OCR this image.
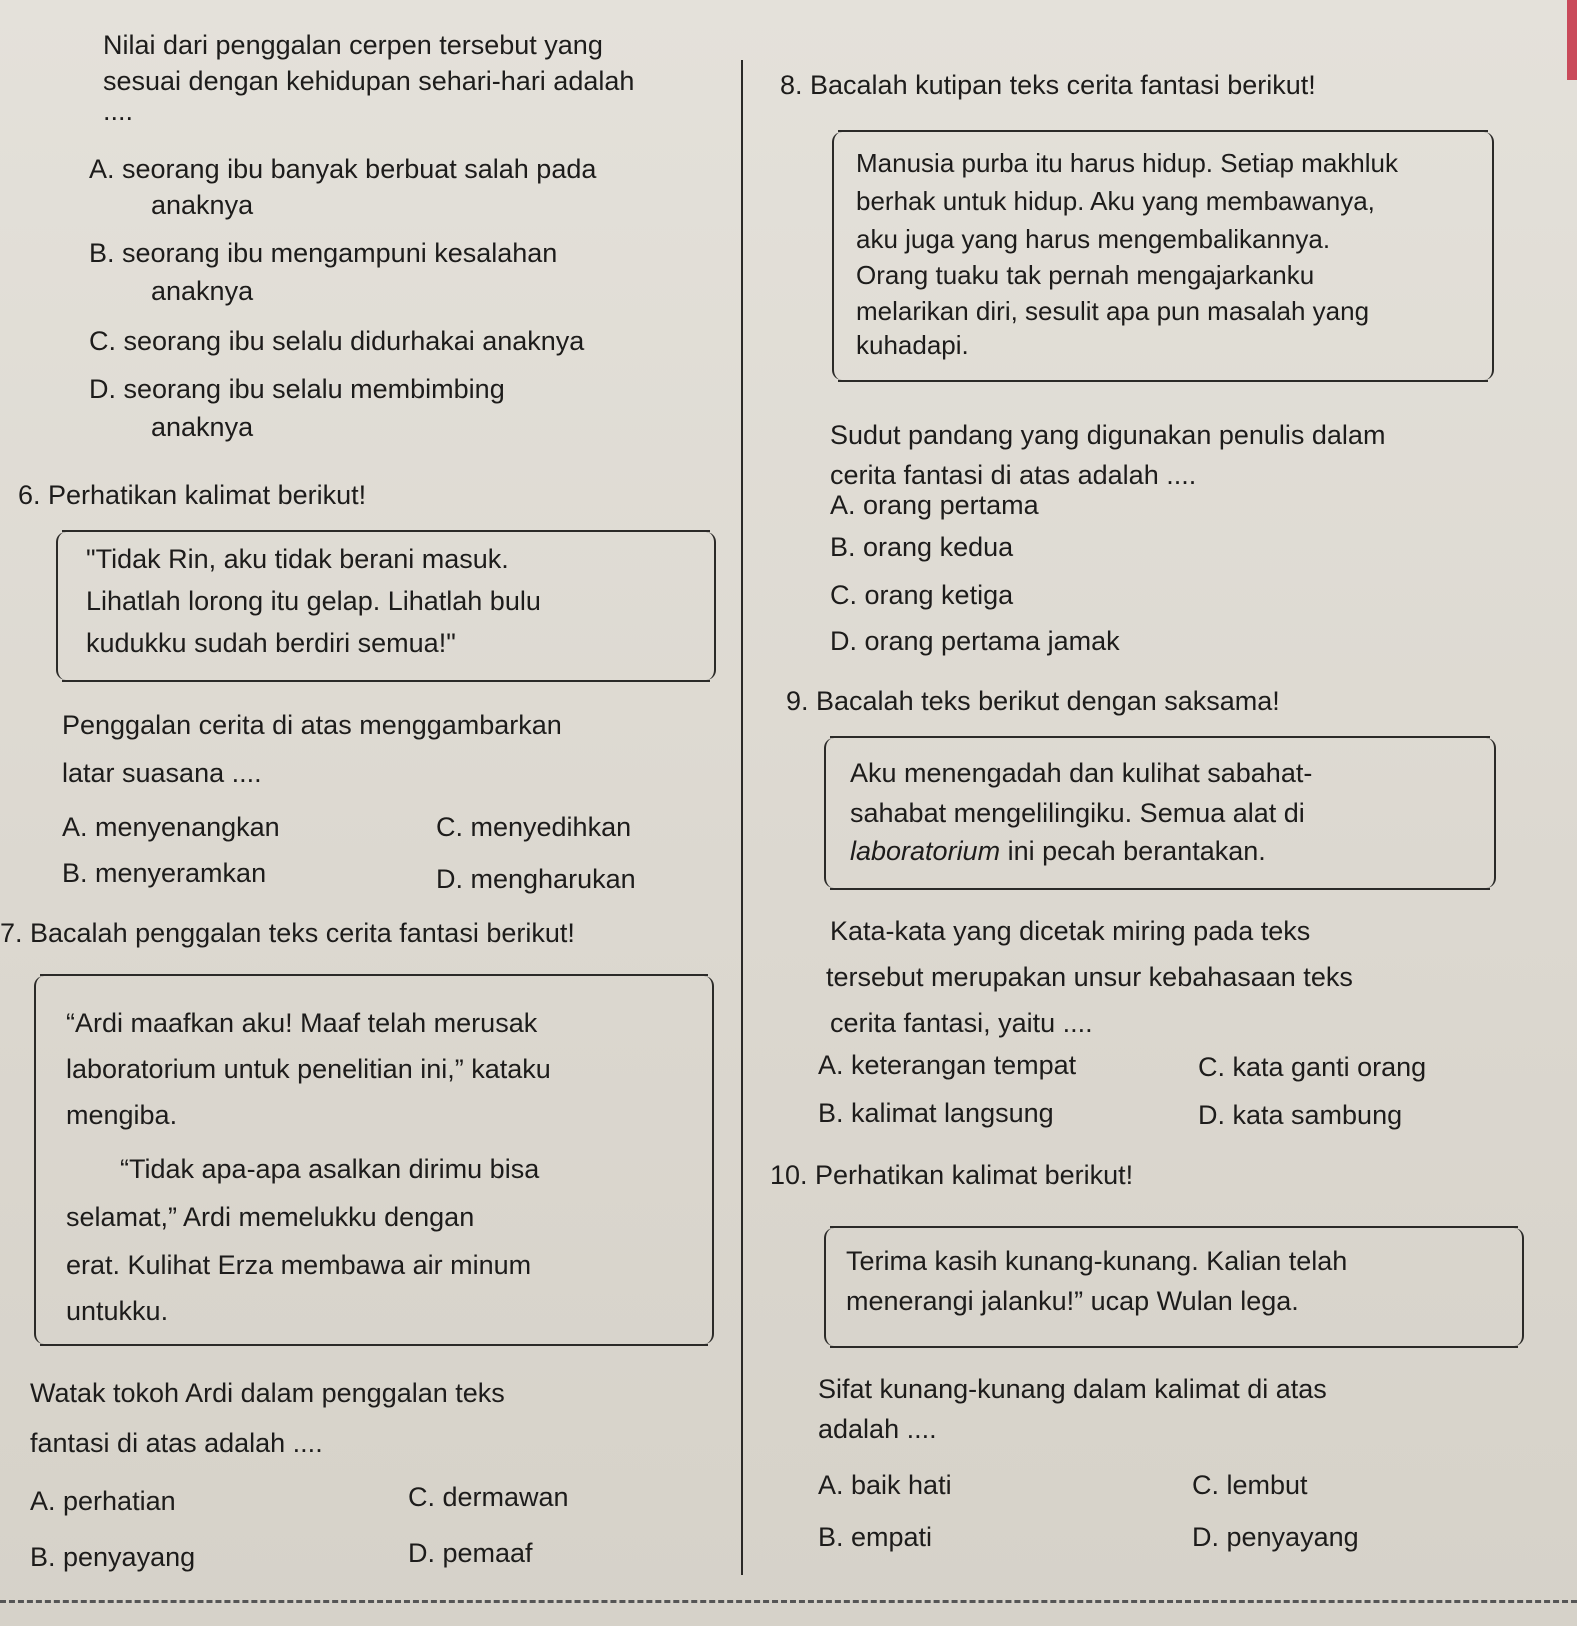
Nilai dari penggalan cerpen tersebut yang
sesuai dengan kehidupan sehari-hari adalah
....
A. seorang ibu banyak berbuat salah pada
anaknya
B. seorang ibu mengampuni kesalahan
anaknya
C. seorang ibu selalu didurhakai anaknya
D. seorang ibu selalu membimbing
anaknya
6. Perhatikan kalimat berikut!
"Tidak Rin, aku tidak berani masuk.
Lihatlah lorong itu gelap. Lihatlah bulu
kudukku sudah berdiri semua!"
Penggalan cerita di atas menggambarkan
latar suasana ....
A. menyenangkan	C. menyedihkan
B. menyeramkan	D. mengharukan
7. Bacalah penggalan teks cerita fantasi berikut!
“Ardi maafkan aku! Maaf telah merusak
laboratorium untuk penelitian ini,” kataku
mengiba.
“Tidak apa-apa asalkan dirimu bisa
selamat,” Ardi memelukku dengan
erat. Kulihat Erza membawa air minum
untukku.
Watak tokoh Ardi dalam penggalan teks
fantasi di atas adalah ....
A. perhatian	C. dermawan
B. penyayang	D. pemaaf
8. Bacalah kutipan teks cerita fantasi berikut!
Manusia purba itu harus hidup. Setiap makhluk
berhak untuk hidup. Aku yang membawanya,
aku juga yang harus mengembalikannya.
Orang tuaku tak pernah mengajarkanku
melarikan diri, sesulit apa pun masalah yang
kuhadapi.
Sudut pandang yang digunakan penulis dalam
cerita fantasi di atas adalah ....
A. orang pertama
B. orang kedua
C. orang ketiga
D. orang pertama jamak
9. Bacalah teks berikut dengan saksama!
Aku menengadah dan kulihat sabahat-
sahabat mengelilingiku. Semua alat di
laboratorium ini pecah berantakan.
Kata-kata yang dicetak miring pada teks
tersebut merupakan unsur kebahasaan teks
cerita fantasi, yaitu ....
A. keterangan tempat	C. kata ganti orang
B. kalimat langsung	D. kata sambung
10. Perhatikan kalimat berikut!
Terima kasih kunang-kunang. Kalian telah
menerangi jalanku!” ucap Wulan lega.
Sifat kunang-kunang dalam kalimat di atas
adalah ....
A. baik hati	C. lembut
B. empati	D. penyayang
